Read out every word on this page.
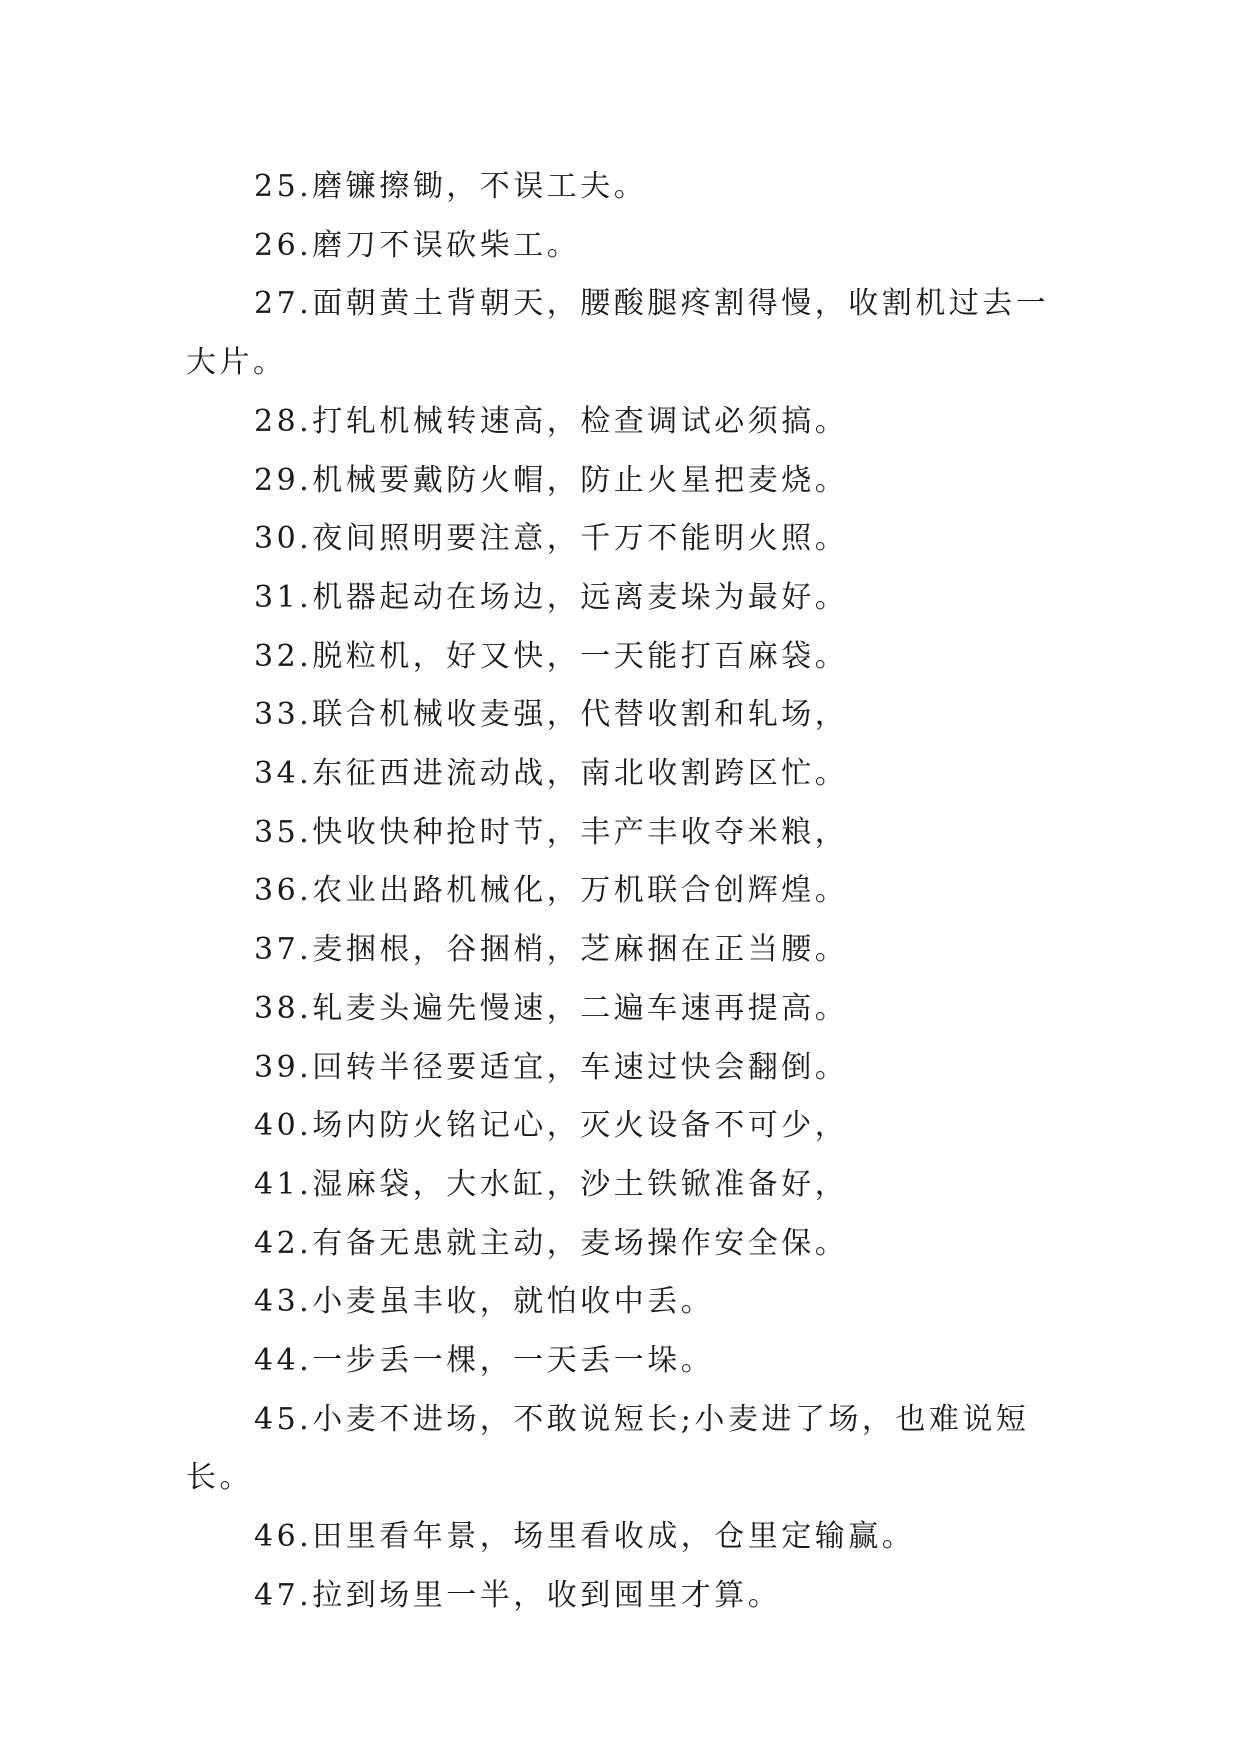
25.磨镰擦锄，不误工夫。

26.磨刀不误砍柴工。

27.面朝黄土背朝天，腰酸腿疼割得慢，收割机过去一大片。

28.打轧机械转速高，检查调试必须搞。

29.机械要戴防火帽，防止火星把麦烧。

30.夜间照明要注意，千万不能明火照。

31.机器起动在场边，远离麦垛为最好。

32.脱粒机，好又快，一天能打百麻袋。

33.联合机械收麦强，代替收割和轧场，

34.东征西进流动战，南北收割跨区忙。

35.快收快种抢时节，丰产丰收夺米粮，

36.农业出路机械化，万机联合创辉煌。

37.麦捆根，谷捆梢，芝麻捆在正当腰。

38.轧麦头遍先慢速，二遍车速再提高。

39.回转半径要适宜，车速过快会翻倒。

40.场内防火铭记心，灭火设备不可少，

41.湿麻袋，大水缸，沙土铁锨准备好，

42.有备无患就主动，麦场操作安全保。

43.小麦虽丰收，就怕收中丢。

44.一步丢一棵，一天丢一垛。

45.小麦不进场，不敢说短长;小麦进了场，也难说短长。

46.田里看年景，场里看收成，仓里定输赢。

47.拉到场里一半，收到囤里才算。
